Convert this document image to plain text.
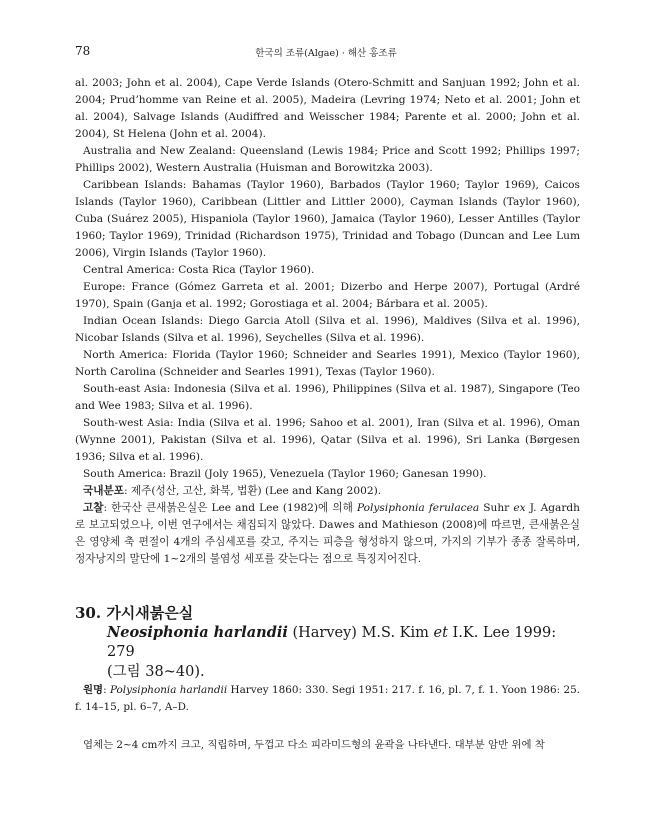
78	한국의 조류(Algae) · 해산 홍조류

al. 2003; John et al. 2004), Cape Verde Islands (Otero-Schmitt and Sanjuan 1992; John et al. 2004; Prud’homme van Reine et al. 2005), Madeira (Levring 1974; Neto et al. 2001; John et al. 2004), Salvage Islands (Audiffred and Weisscher 1984; Parente et al. 2000; John et al. 2004), St Helena (John et al. 2004).

Australia and New Zealand: Queensland (Lewis 1984; Price and Scott 1992; Phillips 1997; Phillips 2002), Western Australia (Huisman and Borowitzka 2003).

Caribbean Islands: Bahamas (Taylor 1960), Barbados (Taylor 1960; Taylor 1969), Caicos Islands (Taylor 1960), Caribbean (Littler and Littler 2000), Cayman Islands (Taylor 1960), Cuba (Suárez 2005), Hispaniola (Taylor 1960), Jamaica (Taylor 1960), Lesser Antilles (Taylor 1960; Taylor 1969), Trinidad (Richardson 1975), Trinidad and Tobago (Duncan and Lee Lum 2006), Virgin Islands (Taylor 1960).

Central America: Costa Rica (Taylor 1960).

Europe: France (Gómez Garreta et al. 2001; Dizerbo and Herpe 2007), Portugal (Ardré 1970), Spain (Ganja et al. 1992; Gorostiaga et al. 2004; Bárbara et al. 2005).

Indian Ocean Islands: Diego Garcia Atoll (Silva et al. 1996), Maldives (Silva et al. 1996), Nicobar Islands (Silva et al. 1996), Seychelles (Silva et al. 1996).

North America: Florida (Taylor 1960; Schneider and Searles 1991), Mexico (Taylor 1960), North Carolina (Schneider and Searles 1991), Texas (Taylor 1960).

South-east Asia: Indonesia (Silva et al. 1996), Philippines (Silva et al. 1987), Singapore (Teo and Wee 1983; Silva et al. 1996).

South-west Asia: India (Silva et al. 1996; Sahoo et al. 2001), Iran (Silva et al. 1996), Oman (Wynne 2001), Pakistan (Silva et al. 1996), Qatar (Silva et al. 1996), Sri Lanka (Børgesen 1936; Silva et al. 1996).

South America: Brazil (Joly 1965), Venezuela (Taylor 1960; Ganesan 1990).

국내분포: 제주(성산, 고산, 화북, 법환) (Lee and Kang 2002).

고찰: 한국산 큰새붉은실은 Lee and Lee (1982)에 의해 Polysiphonia ferulacea Suhr ex J. Agardh로 보고되었으나, 이번 연구에서는 채집되지 않았다. Dawes and Mathieson (2008)에 따르면, 큰새붉은실은 영양체 축 편절이 4개의 주심세포를 갖고, 주지는 피층을 형성하지 않으며, 가지의 기부가 종종 잘록하며, 정자낭지의 말단에 1~2개의 불염성 세포를 갖는다는 점으로 특징지어진다.

30. 가시새붉은실
Neosiphonia harlandii (Harvey) M.S. Kim et I.K. Lee 1999: 279
(그림 38~40).
원명: Polysiphonia harlandii Harvey 1860: 330. Segi 1951: 217. f. 16, pl. 7, f. 1. Yoon 1986: 25. f. 14–15, pl. 6–7, A–D.
엽체는 2~4 cm까지 크고, 직립하며, 두껍고 다소 피라미드형의 윤곽을 나타낸다. 대부분 암반 위에 착
